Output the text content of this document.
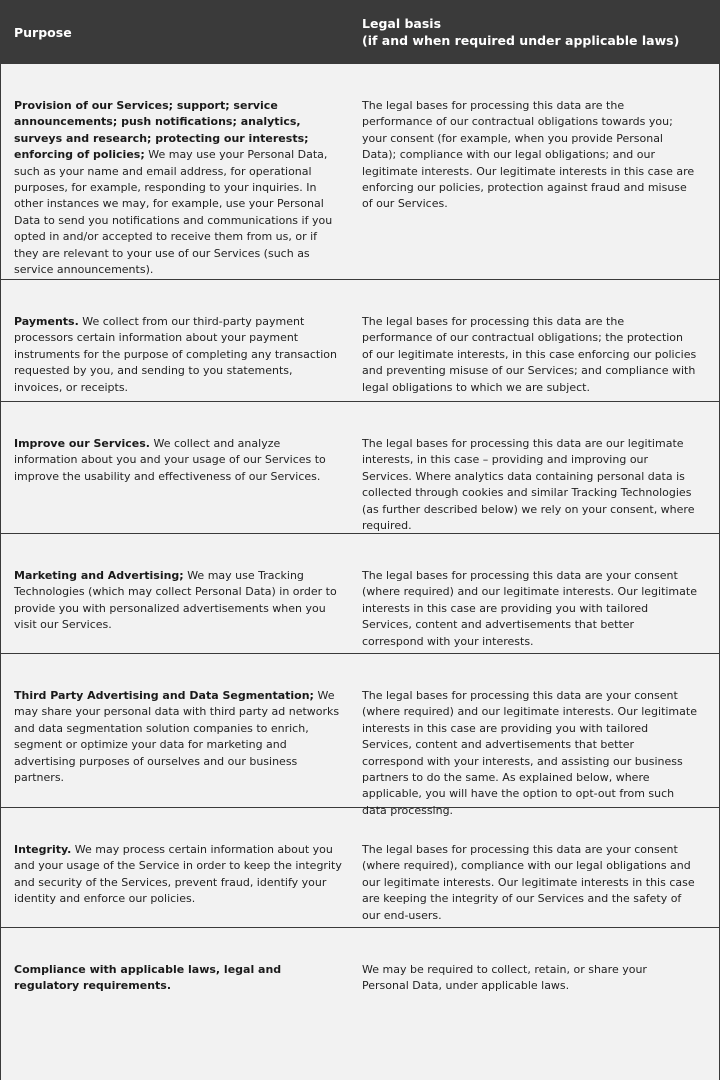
Purpose
Legal basis
(if and when required under applicable laws)
Provision of our Services; support; service announcements; push notifications; analytics, surveys and research; protecting our interests; enforcing of policies; We may use your Personal Data, such as your name and email address, for operational purposes, for example, responding to your inquiries. In other instances we may, for example, use your Personal Data to send you notifications and communications if you opted in and/or accepted to receive them from us, or if they are relevant to your use of our Services (such as service announcements).
The legal bases for processing this data are the performance of our contractual obligations towards you; your consent (for example, when you provide Personal Data); compliance with our legal obligations; and our legitimate interests. Our legitimate interests in this case are enforcing our policies, protection against fraud and misuse of our Services.
Payments. We collect from our third-party payment processors certain information about your payment instruments for the purpose of completing any transaction requested by you, and sending to you statements, invoices, or receipts.
The legal bases for processing this data are the performance of our contractual obligations; the protection of our legitimate interests, in this case enforcing our policies and preventing misuse of our Services; and compliance with legal obligations to which we are subject.
Improve our Services. We collect and analyze information about you and your usage of our Services to improve the usability and effectiveness of our Services.
The legal bases for processing this data are our legitimate interests, in this case – providing and improving our Services. Where analytics data containing personal data is collected through cookies and similar Tracking Technologies (as further described below) we rely on your consent, where required.
Marketing and Advertising; We may use Tracking Technologies (which may collect Personal Data) in order to provide you with personalized advertisements when you visit our Services.
The legal bases for processing this data are your consent (where required) and our legitimate interests. Our legitimate interests in this case are providing you with tailored Services, content and advertisements that better correspond with your interests.
Third Party Advertising and Data Segmentation; We may share your personal data with third party ad networks and data segmentation solution companies to enrich, segment or optimize your data for marketing and advertising purposes of ourselves and our business partners.
The legal bases for processing this data are your consent (where required) and our legitimate interests. Our legitimate interests in this case are providing you with tailored Services, content and advertisements that better correspond with your interests, and assisting our business partners to do the same. As explained below, where applicable, you will have the option to opt-out from such data processing.
Integrity. We may process certain information about you and your usage of the Service in order to keep the integrity and security of the Services, prevent fraud, identify your identity and enforce our policies.
The legal bases for processing this data are your consent (where required), compliance with our legal obligations and our legitimate interests. Our legitimate interests in this case are keeping the integrity of our Services and the safety of our end-users.
Compliance with applicable laws, legal and regulatory requirements.
We may be required to collect, retain, or share your Personal Data, under applicable laws.
